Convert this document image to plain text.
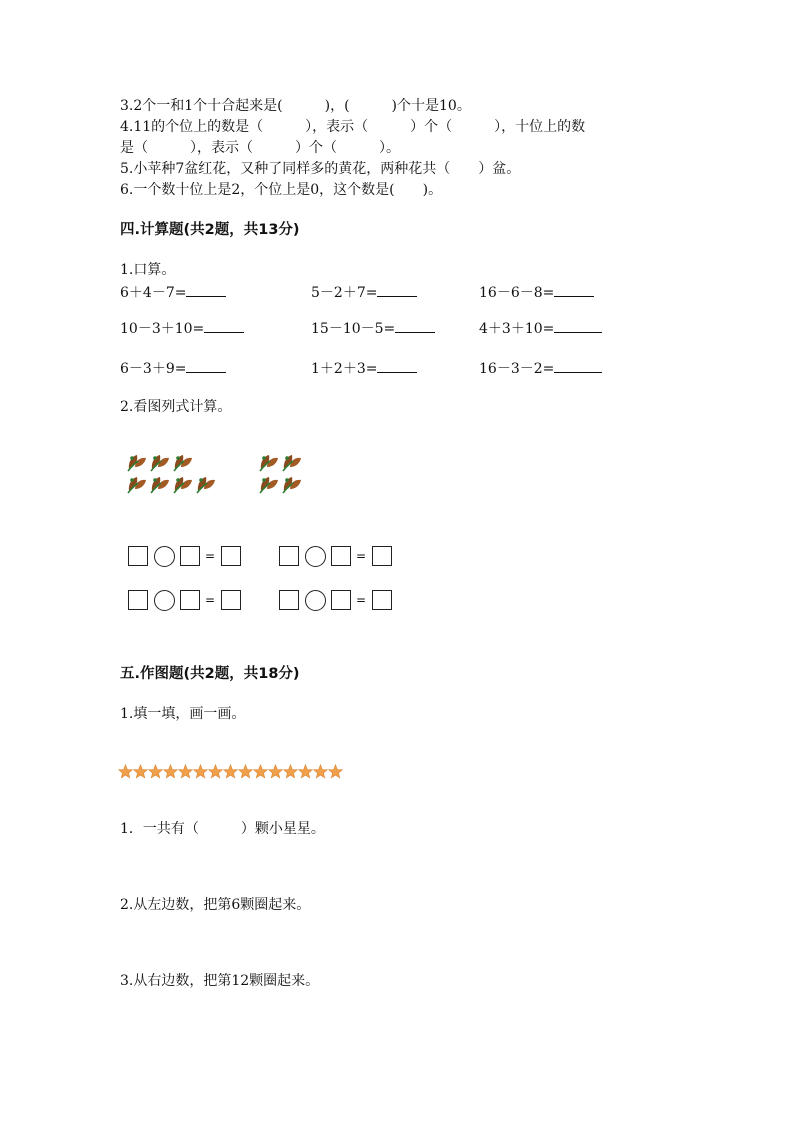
3.2个一和1个十合起来是(　　　)，(　　　)个十是10。
4.11的个位上的数是（　　　），表示（　　　）个（　　　），十位上的数
是（　　　），表示（　　　）个（　　　）。
5.小苹种7盆红花，又种了同样多的黄花，两种花共（　　）盆。
6.一个数十位上是2，个位上是0，这个数是(　　)。
四.计算题(共2题，共13分)
1.口算。
6＋4－7=	5－2＋7=	16－6－8=
10－3＋10=	15－10－5=	4＋3＋10=
6－3＋9=	1＋2＋3=	16－3－2=
2.看图列式计算。
=	=
=	=
五.作图题(共2题，共18分)
1.填一填，画一画。
1．一共有（　　　）颗小星星。
2.从左边数，把第6颗圈起来。
3.从右边数，把第12颗圈起来。
